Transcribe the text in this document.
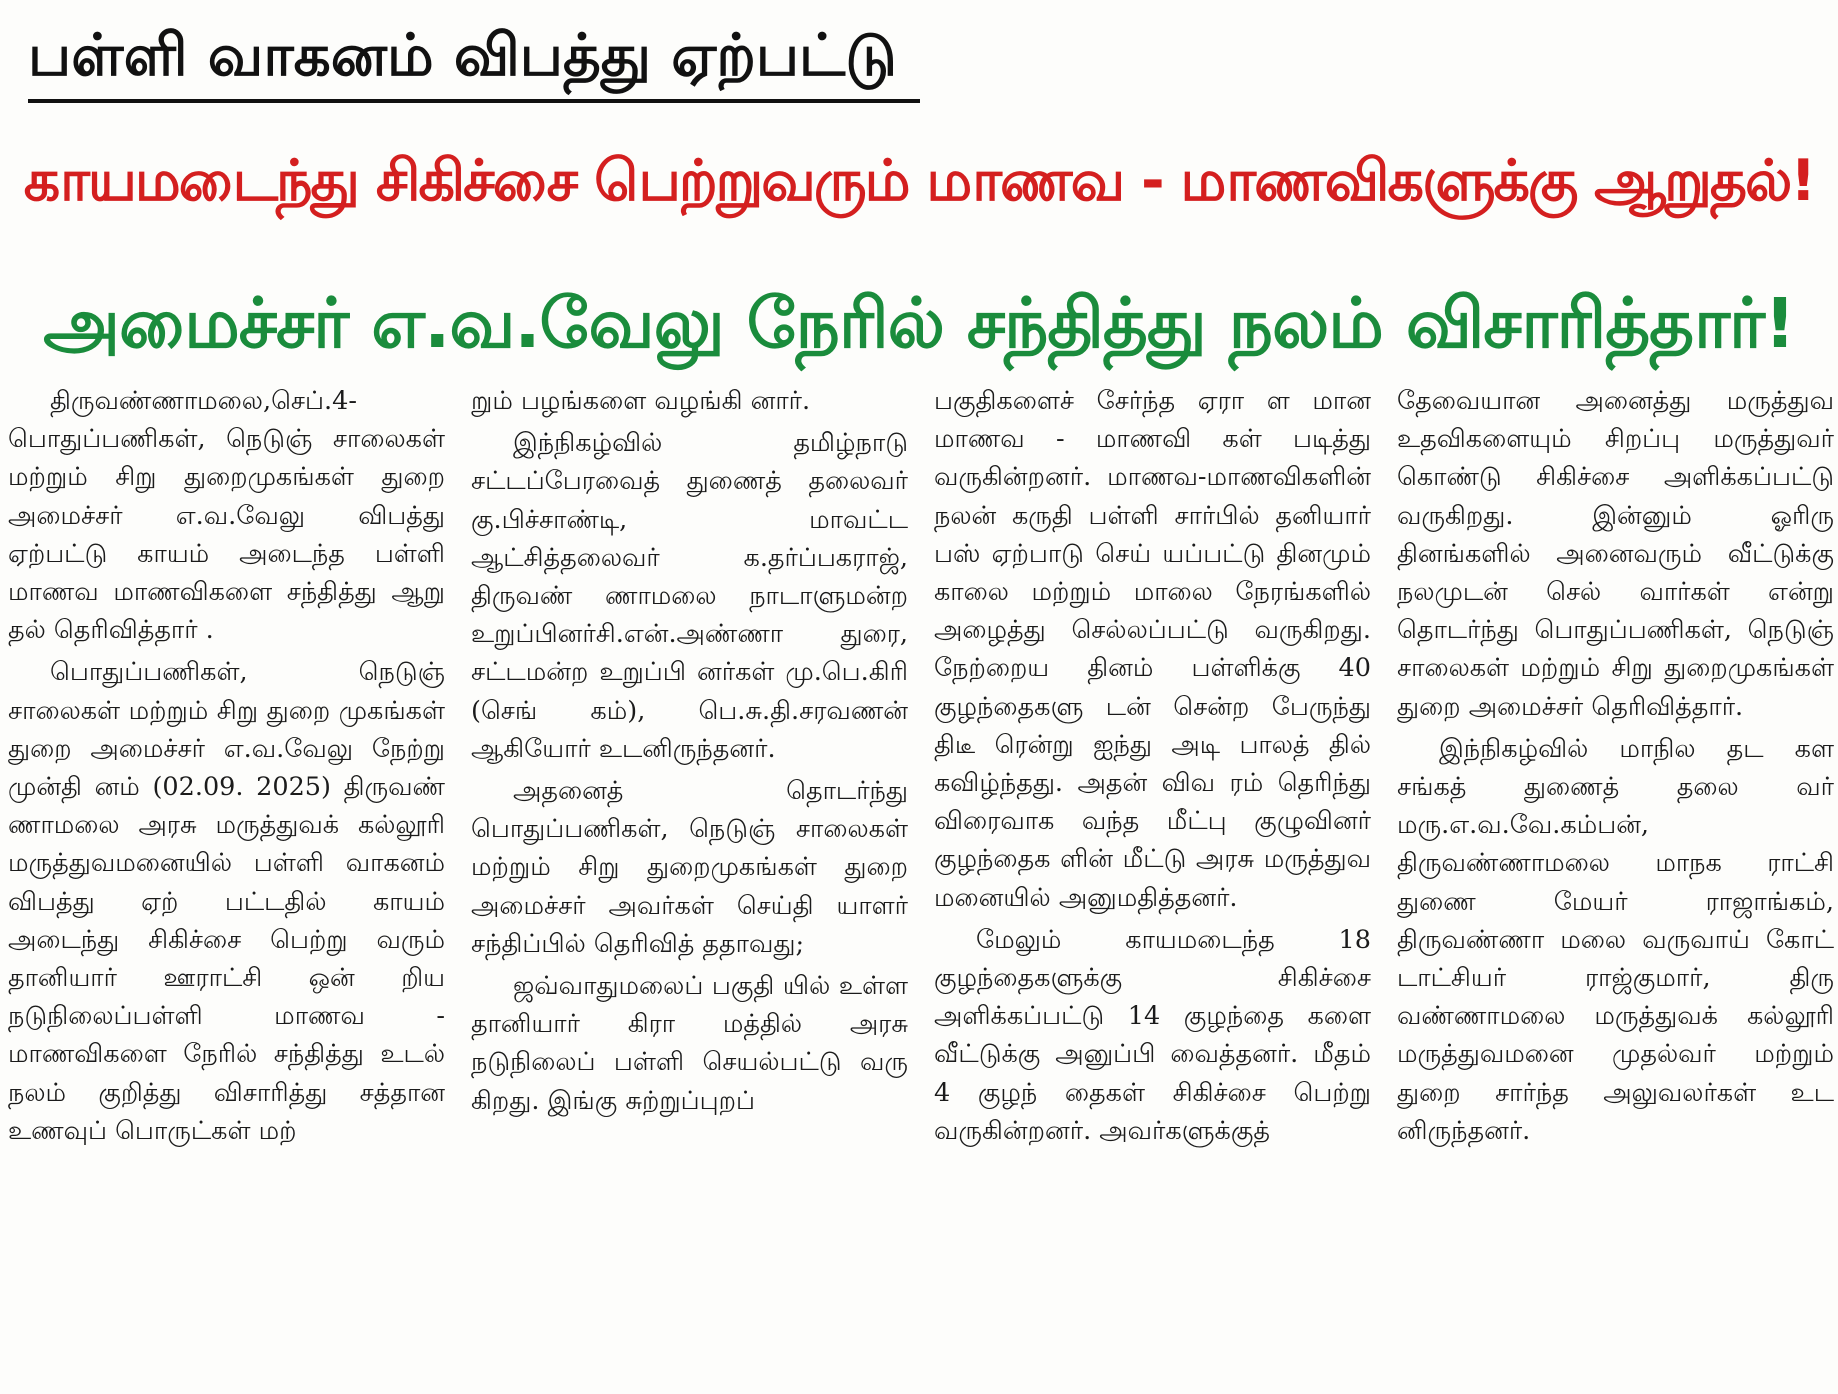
பள்ளி வாகனம் விபத்து ஏற்பட்டு
காயமடைந்து சிகிச்சை பெற்றுவரும் மாணவ - மாணவிகளுக்கு ஆறுதல்!
அமைச்சர் எ.வ.வேலு நேரில் சந்தித்து நலம் விசாரித்தார்!

திருவண்ணாமலை,செப்.4- பொதுப்பணிகள், நெடுஞ் சாலைகள் மற்றும் சிறு துறைமுகங்கள் துறை அமைச்சர் எ.வ.வேலு விபத்து ஏற்பட்டு காயம் அடைந்த பள்ளி மாணவ மாணவிகளை சந்தித்து ஆறு தல் தெரிவித்தார் .

பொதுப்பணிகள், நெடுஞ் சாலைகள் மற்றும் சிறு துறை முகங்கள் துறை அமைச்சர் எ.வ.வேலு நேற்று முன்தி னம் (02.09. 2025) திருவண் ணாமலை அரசு மருத்துவக் கல்லூரி மருத்துவமனையில் பள்ளி வாகனம் விபத்து ஏற் பட்டதில் காயம் அடைந்து சிகிச்சை பெற்று வரும் தானியார் ஊராட்சி ஒன் றிய நடுநிலைப்பள்ளி மாணவ - மாணவிகளை நேரில் சந்தித்து உடல் நலம் குறித்து விசாரித்து சத்தான உணவுப் பொருட்கள் மற்

றும் பழங்களை வழங்கி னார்.

இந்நிகழ்வில் தமிழ்நாடு சட்டப்பேரவைத் துணைத் தலைவர் கு.பிச்சாண்டி, மாவட்ட ஆட்சித்தலைவர் க.தர்ப்பகராஜ், திருவண் ணாமலை நாடாளுமன்ற உறுப்பினர்சி.என்.அண்ணா துரை, சட்டமன்ற உறுப்பி னர்கள் மு.பெ.கிரி (செங் கம்), பெ.சு.தி.சரவணன் ஆகியோர் உடனிருந்தனர்.

அதனைத் தொடர்ந்து பொதுப்பணிகள், நெடுஞ் சாலைகள் மற்றும் சிறு துறைமுகங்கள் துறை அமைச்சர் அவர்கள் செய்தி யாளர் சந்திப்பில் தெரிவித் ததாவது;

ஜவ்வாதுமலைப் பகுதி யில் உள்ள தானியார் கிரா மத்தில் அரசு நடுநிலைப் பள்ளி செயல்பட்டு வரு கிறது. இங்கு சுற்றுப்புறப்

பகுதிகளைச் சேர்ந்த ஏரா ள மான மாணவ - மாணவி கள் படித்து வருகின்றனர். மாணவ-மாணவிகளின் நலன் கருதி பள்ளி சார்பில் தனியார் பஸ் ஏற்பாடு செய் யப்பட்டு தினமும் காலை மற்றும் மாலை நேரங்களில் அழைத்து செல்லப்பட்டு வருகிறது. நேற்றைய தினம் பள்ளிக்கு 40 குழந்தைகளு டன் சென்ற பேருந்து திடீ ரென்று ஐந்து அடி பாலத் தில் கவிழ்ந்தது. அதன் விவ ரம் தெரிந்து விரைவாக வந்த மீட்பு குழுவினர் குழந்தைக ளின் மீட்டு அரசு மருத்துவ மனையில் அனுமதித்தனர்.

மேலும் காயமடைந்த 18 குழந்தைகளுக்கு சிகிச்சை அளிக்கப்பட்டு 14 குழந்தை களை வீட்டுக்கு அனுப்பி வைத்தனர். மீதம் 4 குழந் தைகள் சிகிச்சை பெற்று வருகின்றனர். அவர்களுக்குத்

தேவையான அனைத்து மருத்துவ உதவிகளையும் சிறப்பு மருத்துவர் கொண்டு சிகிச்சை அளிக்கப்பட்டு வருகிறது. இன்னும் ஓரிரு தினங்களில் அனைவரும் வீட்டுக்கு நலமுடன் செல் வார்கள் என்று தொடர்ந்து பொதுப்பணிகள், நெடுஞ் சாலைகள் மற்றும் சிறு துறைமுகங்கள் துறை அமைச்சர் தெரிவித்தார்.

இந்நிகழ்வில் மாநில தட கள சங்கத் துணைத் தலை வர் மரு.எ.வ.வே.கம்பன், திருவண்ணாமலை மாநக ராட்சி துணை மேயர் ராஜாங்கம், திருவண்ணா மலை வருவாய் கோட் டாட்சியர் ராஜ்குமார், திரு வண்ணாமலை மருத்துவக் கல்லூரி மருத்துவமனை முதல்வர் மற்றும் துறை சார்ந்த அலுவலர்கள் உட னிருந்தனர்.
